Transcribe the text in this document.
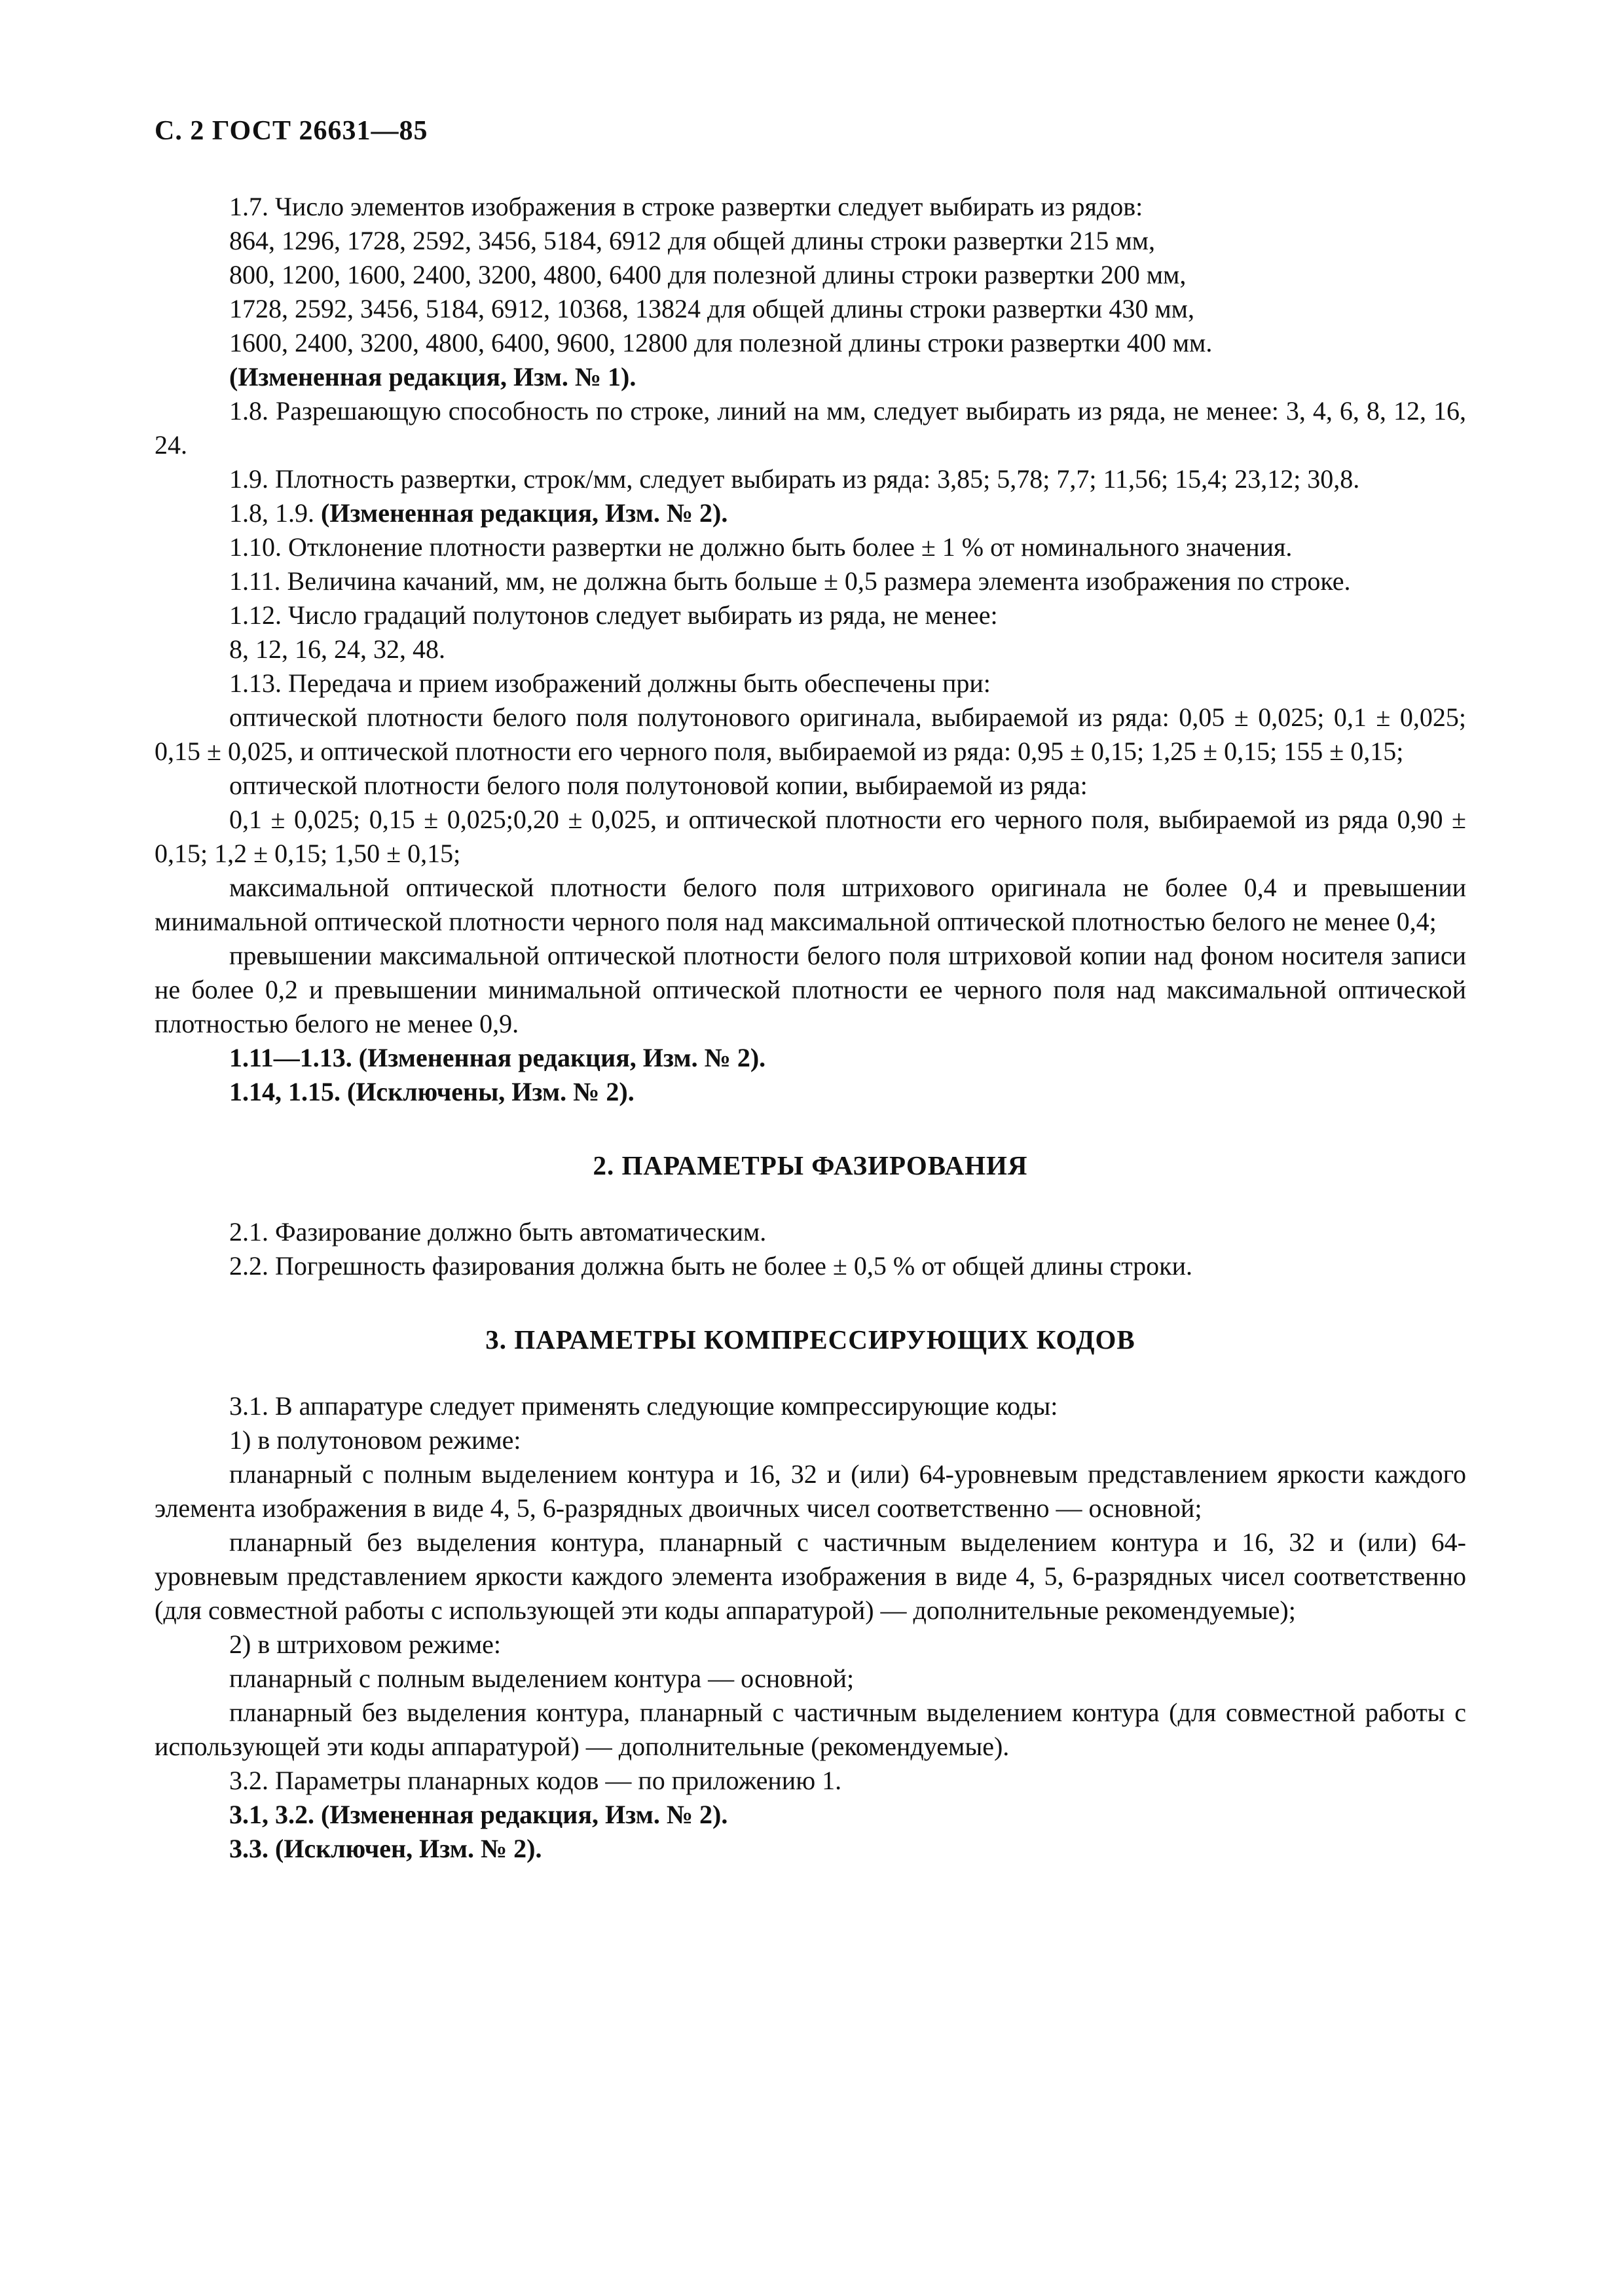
С. 2 ГОСТ 26631—85

1.7. Число элементов изображения в строке развертки следует выбирать из рядов:

864, 1296, 1728, 2592, 3456, 5184, 6912 для общей длины строки развертки 215 мм,

800, 1200, 1600, 2400, 3200, 4800, 6400 для полезной длины строки развертки 200 мм,

1728, 2592, 3456, 5184, 6912, 10368, 13824 для общей длины строки развертки 430 мм,

1600, 2400, 3200, 4800, 6400, 9600, 12800 для полезной длины строки развертки 400 мм.

(Измененная редакция, Изм. № 1).

1.8. Разрешающую способность по строке, линий на мм, следует выбирать из ряда, не менее: 3, 4, 6, 8, 12, 16, 24.

1.9. Плотность развертки, строк/мм, следует выбирать из ряда: 3,85; 5,78; 7,7; 11,56; 15,4; 23,12; 30,8.

1.8, 1.9. (Измененная редакция, Изм. № 2).

1.10. Отклонение плотности развертки не должно быть более ± 1 % от номинального значения.

1.11. Величина качаний, мм, не должна быть больше ± 0,5 размера элемента изображения по строке.

1.12. Число градаций полутонов следует выбирать из ряда, не менее:

8, 12, 16, 24, 32, 48.

1.13. Передача и прием изображений должны быть обеспечены при:

оптической плотности белого поля полутонового оригинала, выбираемой из ряда: 0,05 ± 0,025; 0,1 ± 0,025; 0,15 ± 0,025, и оптической плотности его черного поля, выбираемой из ряда: 0,95 ± 0,15; 1,25 ± 0,15; 155 ± 0,15;

оптической плотности белого поля полутоновой копии, выбираемой из ряда:

0,1 ± 0,025; 0,15 ± 0,025;0,20 ± 0,025, и оптической плотности его черного поля, выбираемой из ряда 0,90 ± 0,15; 1,2 ± 0,15; 1,50 ± 0,15;

максимальной оптической плотности белого поля штрихового оригинала не более 0,4 и превышении минимальной оптической плотности черного поля над максимальной оптической плотностью белого не менее 0,4;

превышении максимальной оптической плотности белого поля штриховой копии над фоном носителя записи не более 0,2 и превышении минимальной оптической плотности ее черного поля над максимальной оптической плотностью белого не менее 0,9.

1.11—1.13. (Измененная редакция, Изм. № 2).

1.14, 1.15. (Исключены, Изм. № 2).

2. ПАРАМЕТРЫ ФАЗИРОВАНИЯ

2.1. Фазирование должно быть автоматическим.

2.2. Погрешность фазирования должна быть не более ± 0,5 % от общей длины строки.

3. ПАРАМЕТРЫ КОМПРЕССИРУЮЩИХ КОДОВ

3.1. В аппаратуре следует применять следующие компрессирующие коды:

1) в полутоновом режиме:

планарный с полным выделением контура и 16, 32 и (или) 64-уровневым представлением яркости каждого элемента изображения в виде 4, 5, 6-разрядных двоичных чисел соответственно — основной;

планарный без выделения контура, планарный с частичным выделением контура и 16, 32 и (или) 64-уровневым представлением яркости каждого элемента изображения в виде 4, 5, 6-разрядных чисел соответственно (для совместной работы с использующей эти коды аппаратурой) — дополнительные рекомендуемые);

2) в штриховом режиме:

планарный с полным выделением контура — основной;

планарный без выделения контура, планарный с частичным выделением контура (для совместной работы с использующей эти коды аппаратурой) — дополнительные (рекомендуемые).

3.2. Параметры планарных кодов — по приложению 1.

3.1, 3.2. (Измененная редакция, Изм. № 2).

3.3. (Исключен, Изм. № 2).
